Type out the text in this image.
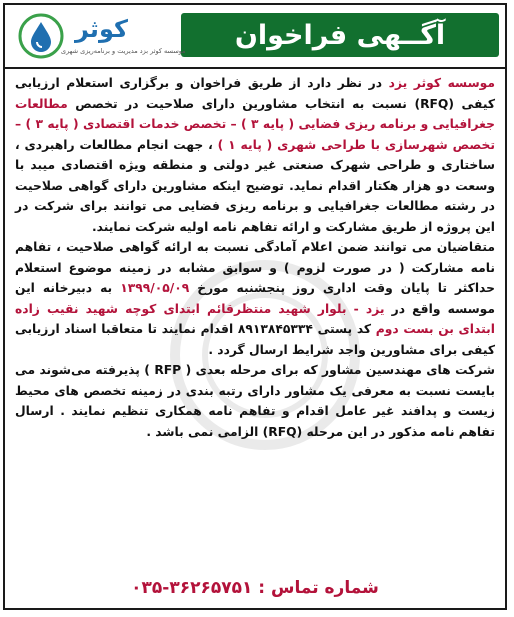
آگــهی فراخوان
کوثر
موسسه کوثر بزد مدیریت و برنامه‌ریزی شهری

موسسه کوثر یزد در نظر دارد از طریق فراخوان و برگزاری استعلام ارزیابی کیفی (RFQ) نسبت به انتخاب مشاورین دارای صلاحیت در تخصص مطالعات جغرافیایی و برنامه ریزی فضایی ( پایه ۳ ) – تخصص خدمات اقتصادی ( پایه ۳ ) – تخصص شهرسازی با طراحی شهری ( پایه ۱ ) ، جهت انجام مطالعات راهبردی ، ساختاری و طراحی شهرک صنعتی غیر دولتی و منطقه ویژه اقتصادی میبد با وسعت دو هزار هکتار اقدام نماید. توضیح اینکه مشاورین دارای گواهی صلاحیت در رشته مطالعات جغرافیایی و برنامه ریزی فضایی می توانند برای شرکت در این پروژه از طریق مشارکت و ارائه تفاهم نامه اولیه شرکت نمایند.

متقاضیان می توانند ضمن اعلام آمادگی نسبت به ارائه گواهی صلاحیت ، تفاهم نامه مشارکت ( در صورت لزوم ) و سوابق مشابه در زمینه موضوع استعلام حداکثر تا پایان وقت اداری روز پنجشنبه مورخ ۱۳۹۹/۰۵/۰۹ به دبیرخانه این موسسه واقع در یزد - بلوار شهید منتظرقائم ابتدای کوچه شهید نقیب زاده ابتدای بن بست دوم کد پستی ۸۹۱۳۸۴۵۳۳۴ اقدام نمایند تا متعاقبا اسناد ارزیابی کیفی برای مشاورین واجد شرایط ارسال گردد .

شرکت های مهندسین مشاور که برای مرحله بعدی ( RFP ) پذیرفته می‌شوند می بایست نسبت به معرفی یک مشاور دارای رتبه بندی در زمینه تخصص های محیط زیست و پدافند غیر عامل اقدام و تفاهم نامه همکاری تنظیم نمایند . ارسال تفاهم نامه مذکور در این مرحله (RFQ) الزامی نمی باشد .

شماره تماس : ۰۳۵-۳۶۲۶۵۷۵۱
